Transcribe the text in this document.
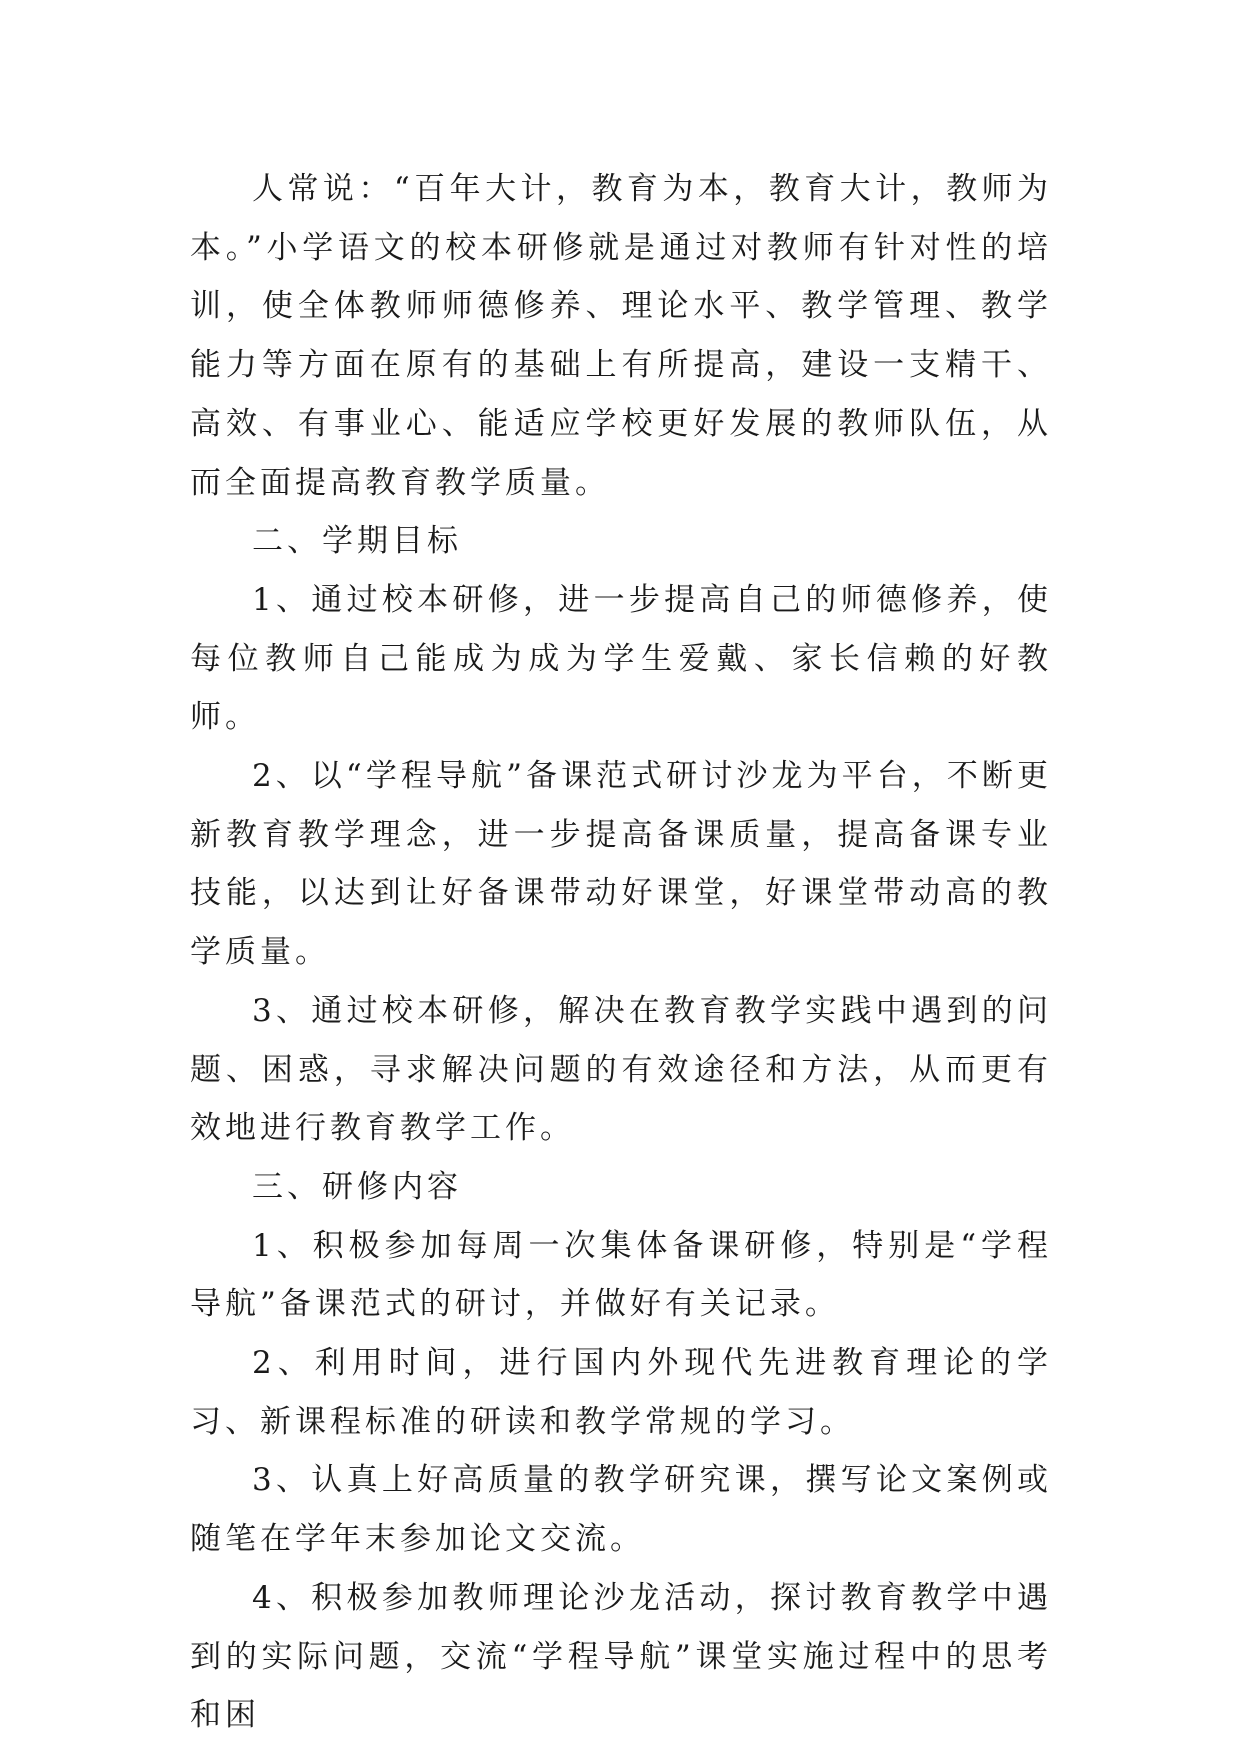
人常说：“百年大计，教育为本，教育大计，教师为本。”小学语文的校本研修就是通过对教师有针对性的培训，使全体教师师德修养、理论水平、教学管理、教学能力等方面在原有的基础上有所提高，建设一支精干、高效、有事业心、能适应学校更好发展的教师队伍，从而全面提高教育教学质量。

二、学期目标

1、通过校本研修，进一步提高自己的师德修养，使每位教师自己能成为成为学生爱戴、家长信赖的好教师。

2、以“学程导航”备课范式研讨沙龙为平台，不断更新教育教学理念，进一步提高备课质量，提高备课专业技能，以达到让好备课带动好课堂，好课堂带动高的教学质量。

3、通过校本研修，解决在教育教学实践中遇到的问题、困惑，寻求解决问题的有效途径和方法，从而更有效地进行教育教学工作。

三、研修内容

1、积极参加每周一次集体备课研修，特别是“学程导航”备课范式的研讨，并做好有关记录。

2、利用时间，进行国内外现代先进教育理论的学习、新课程标准的研读和教学常规的学习。

3、认真上好高质量的教学研究课，撰写论文案例或随笔在学年末参加论文交流。

4、积极参加教师理论沙龙活动，探讨教育教学中遇到的实际问题，交流“学程导航”课堂实施过程中的思考和困
